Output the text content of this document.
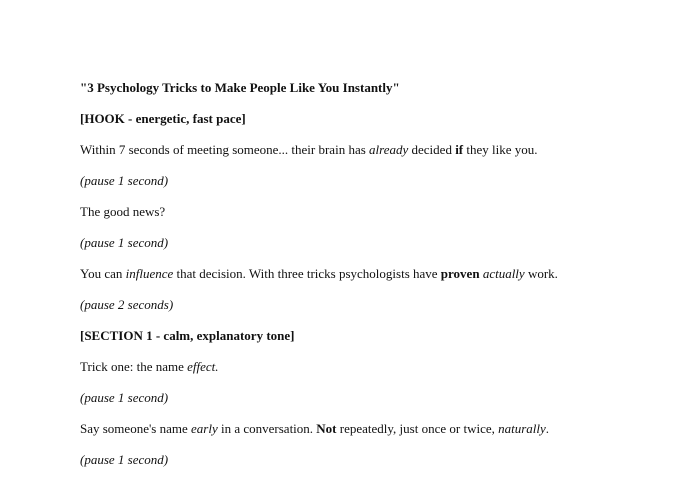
"3 Psychology Tricks to Make People Like You Instantly"

[HOOK - energetic, fast pace]

Within 7 seconds of meeting someone... their brain has already decided if they like you.

(pause 1 second)

The good news?

(pause 1 second)

You can influence that decision. With three tricks psychologists have proven actually work.

(pause 2 seconds)

[SECTION 1 - calm, explanatory tone]

Trick one: the name effect.

(pause 1 second)

Say someone's name early in a conversation. Not repeatedly, just once or twice, naturally.

(pause 1 second)
